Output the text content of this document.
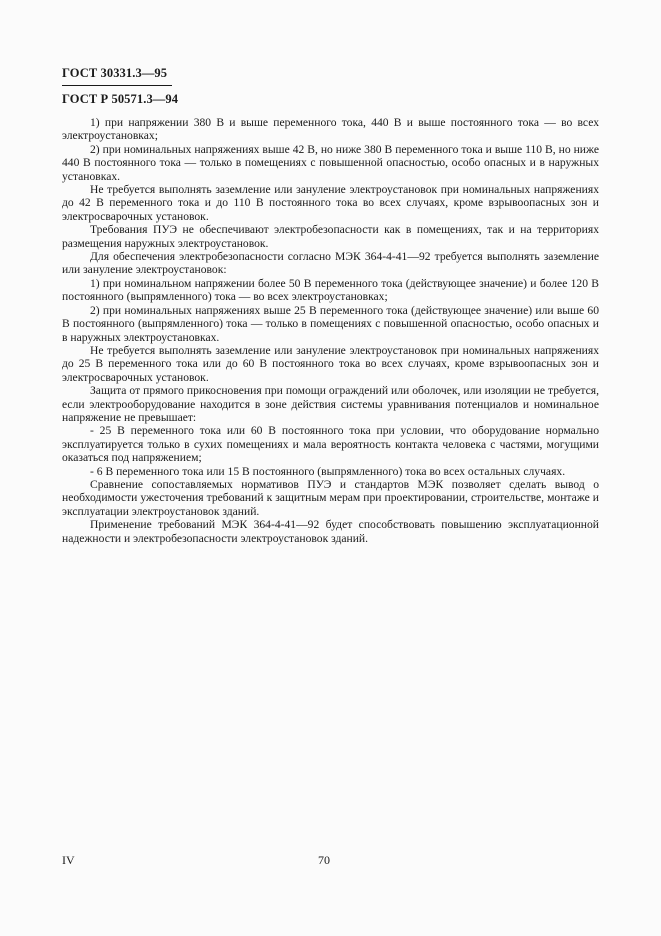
ГОСТ 30331.3—95
ГОСТ Р 50571.3—94

1) при напряжении 380 В и выше переменного тока, 440 В и выше постоянного тока — во всех электроустановках;

2) при номинальных напряжениях выше 42 В, но ниже 380 В переменного тока и выше 110 В, но ниже 440 В постоянного тока — только в помещениях с повышенной опасностью, особо опасных и в наружных установках.

Не требуется выполнять заземление или зануление электроустановок при номинальных напряжениях до 42 В переменного тока и до 110 В постоянного тока во всех случаях, кроме взрывоопасных зон и электросварочных установок.

Требования ПУЭ не обеспечивают электробезопасности как в помещениях, так и на территориях размещения наружных электроустановок.

Для обеспечения электробезопасности согласно МЭК 364-4-41—92 требуется выполнять заземление или зануление электроустановок:

1) при номинальном напряжении более 50 В переменного тока (действующее значение) и более 120 В постоянного (выпрямленного) тока — во всех электроустановках;

2) при номинальных напряжениях выше 25 В переменного тока (действующее значение) или выше 60 В постоянного (выпрямленного) тока — только в помещениях с повышенной опасностью, особо опасных и в наружных электроустановках.

Не требуется выполнять заземление или зануление электроустановок при номинальных напряжениях до 25 В переменного тока или до 60 В постоянного тока во всех случаях, кроме взрывоопасных зон и электросварочных установок.

Защита от прямого прикосновения при помощи ограждений или оболочек, или изоляции не требуется, если электрооборудование находится в зоне действия системы уравнивания потенциалов и номинальное напряжение не превышает:

- 25 В переменного тока или 60 В постоянного тока при условии, что оборудование нормально эксплуатируется только в сухих помещениях и мала вероятность контакта человека с частями, могущими оказаться под напряжением;

- 6 В переменного тока или 15 В постоянного (выпрямленного) тока во всех остальных случаях.

Сравнение сопоставляемых нормативов ПУЭ и стандартов МЭК позволяет сделать вывод о необходимости ужесточения требований к защитным мерам при проектировании, строительстве, монтаже и эксплуатации электроустановок зданий.

Применение требований МЭК 364-4-41—92 будет способствовать повышению эксплуатационной надежности и электробезопасности электроустановок зданий.

IV	70
